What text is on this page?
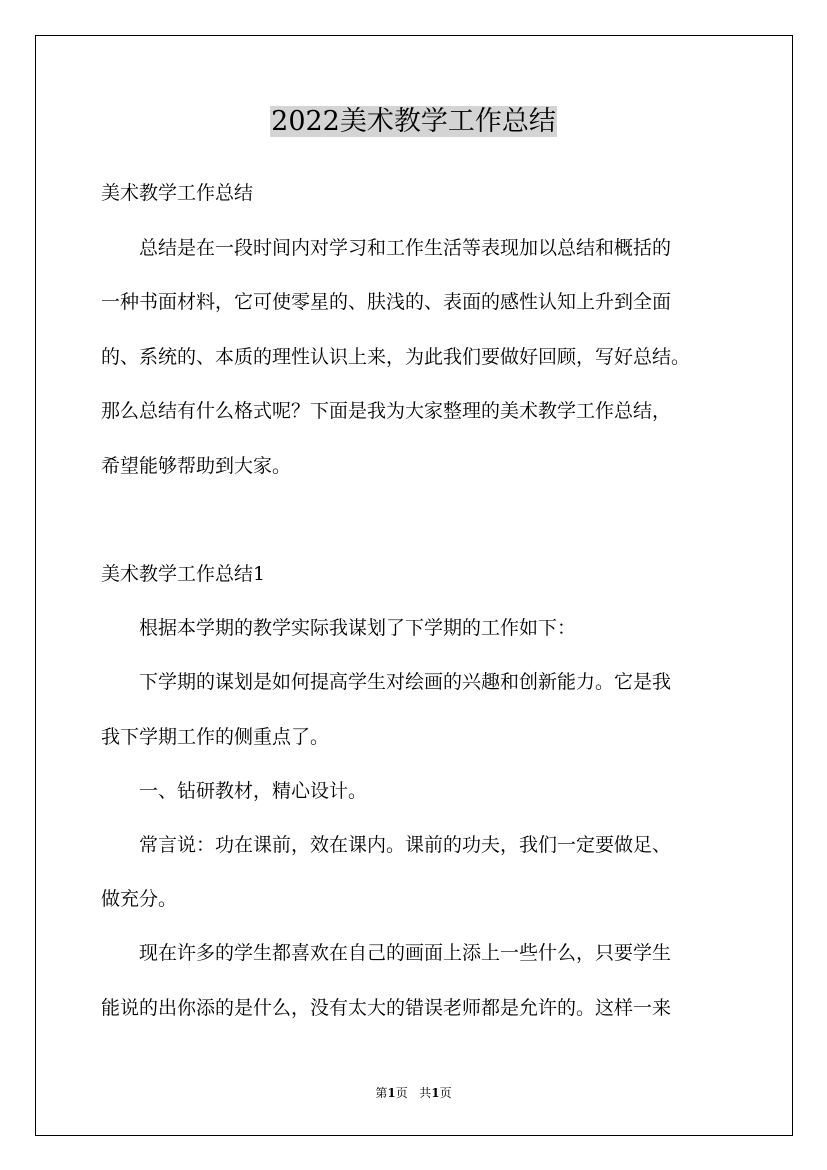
2022美术教学工作总结
美术教学工作总结
　　总结是在一段时间内对学习和工作生活等表现加以总结和概括的
一种书面材料，它可使零星的、肤浅的、表面的感性认知上升到全面
的、系统的、本质的理性认识上来，为此我们要做好回顾，写好总结。
那么总结有什么格式呢？下面是我为大家整理的美术教学工作总结，
希望能够帮助到大家。
美术教学工作总结1
　　根据本学期的教学实际我谋划了下学期的工作如下：
　　下学期的谋划是如何提高学生对绘画的兴趣和创新能力。它是我
我下学期工作的侧重点了。
　　一、钻研教材，精心设计。
　　常言说：功在课前，效在课内。课前的功夫，我们一定要做足、
做充分。
　　现在许多的学生都喜欢在自己的画面上添上一些什么，只要学生
能说的出你添的是什么，没有太大的错误老师都是允许的。这样一来
第1页 共1页
